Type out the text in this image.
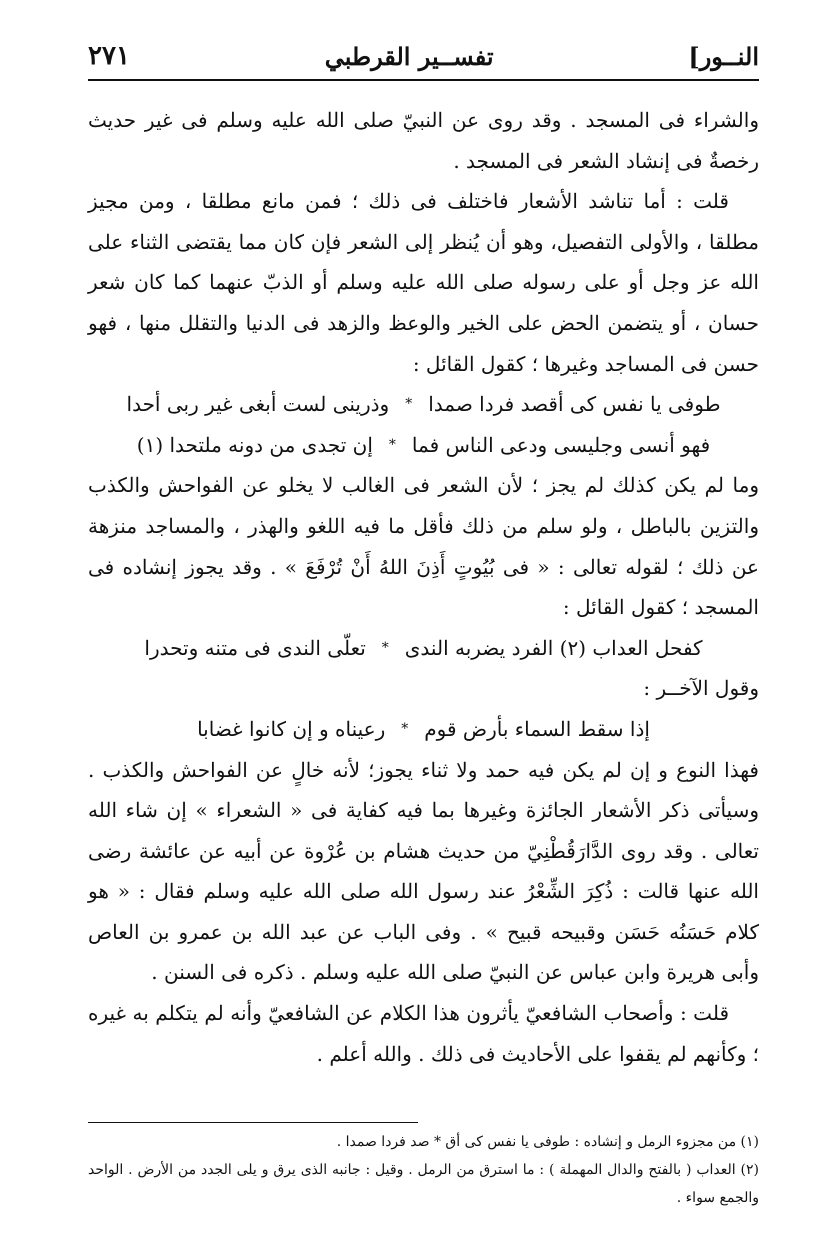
النــور]
تفســير القرطبي
٢٧١

والشراء فى المسجد . وقد روى عن النبيّ صلى الله عليه وسلم فى غير حديث رخصةٌ فى إنشاد الشعر فى المسجد .

قلت : أما تناشد الأشعار فاختلف فى ذلك ؛ فمن مانع مطلقا ، ومن مجيز مطلقا ، والأولى التفصيل، وهو أن يُنظر إلى الشعر فإن كان مما يقتضى الثناء على الله عز وجل أو على رسوله صلى الله عليه وسلم أو الذبّ عنهما كما كان شعر حسان ، أو يتضمن الحض على الخير والوعظ والزهد فى الدنيا والتقلل منها ، فهو حسن فى المساجد وغيرها ؛ كقول القائل :

طوفى يا نفس كى أقصد فردا صمدا
*
وذرينى لست أبغى غير ربى أحدا
فهو أنسى وجليسى ودعى الناس فما
*
إن تجدى من دونه ملتحدا (١)

وما لم يكن كذلك لم يجز ؛ لأن الشعر فى الغالب لا يخلو عن الفواحش والكذب والتزين بالباطل ، ولو سلم من ذلك فأقل ما فيه اللغو والهذر ، والمساجد منزهة عن ذلك ؛ لقوله تعالى : « فى بُيُوتٍ أَذِنَ اللهُ أَنْ تُرْفَعَ » . وقد يجوز إنشاده فى المسجد ؛ كقول القائل :

كفحل العداب (٢) الفرد يضربه الندى
*
تعلّى الندى فى متنه وتحدرا

وقول الآخــر :

إذا سقط السماء بأرض قوم
*
رعيناه و إن كانوا غضابا

فهذا النوع و إن لم يكن فيه حمد ولا ثناء يجوز؛ لأنه خالٍ عن الفواحش والكذب . وسيأتى ذكر الأشعار الجائزة وغيرها بما فيه كفاية فى « الشعراء » إن شاء الله تعالى . وقد روى الدَّارَقُطْنِيّ من حديث هشام بن عُرْوة عن أبيه عن عائشة رضى الله عنها قالت : ذُكِرَ الشِّعْرُ عند رسول الله صلى الله عليه وسلم فقال : « هو كلام حَسَنُه حَسَن وقبيحه قبيح » . وفى الباب عن عبد الله بن عمرو بن العاص وأبى هريرة وابن عباس عن النبيّ صلى الله عليه وسلم . ذكره فى السنن .

قلت : وأصحاب الشافعيّ يأثرون هذا الكلام عن الشافعيّ وأنه لم يتكلم به غيره ؛ وكأنهم لم يقفوا على الأحاديث فى ذلك . والله أعلم .

(١) من مجزوء الرمل و إنشاده : طوفى يا نفس كى أق * صد فردا صمدا .

(٢) العداب ( بالفتح والدال المهملة ) : ما استرق من الرمل . وقيل : جانبه الذى يرق و يلى الجدد من الأرض . الواحد والجمع سواء .
